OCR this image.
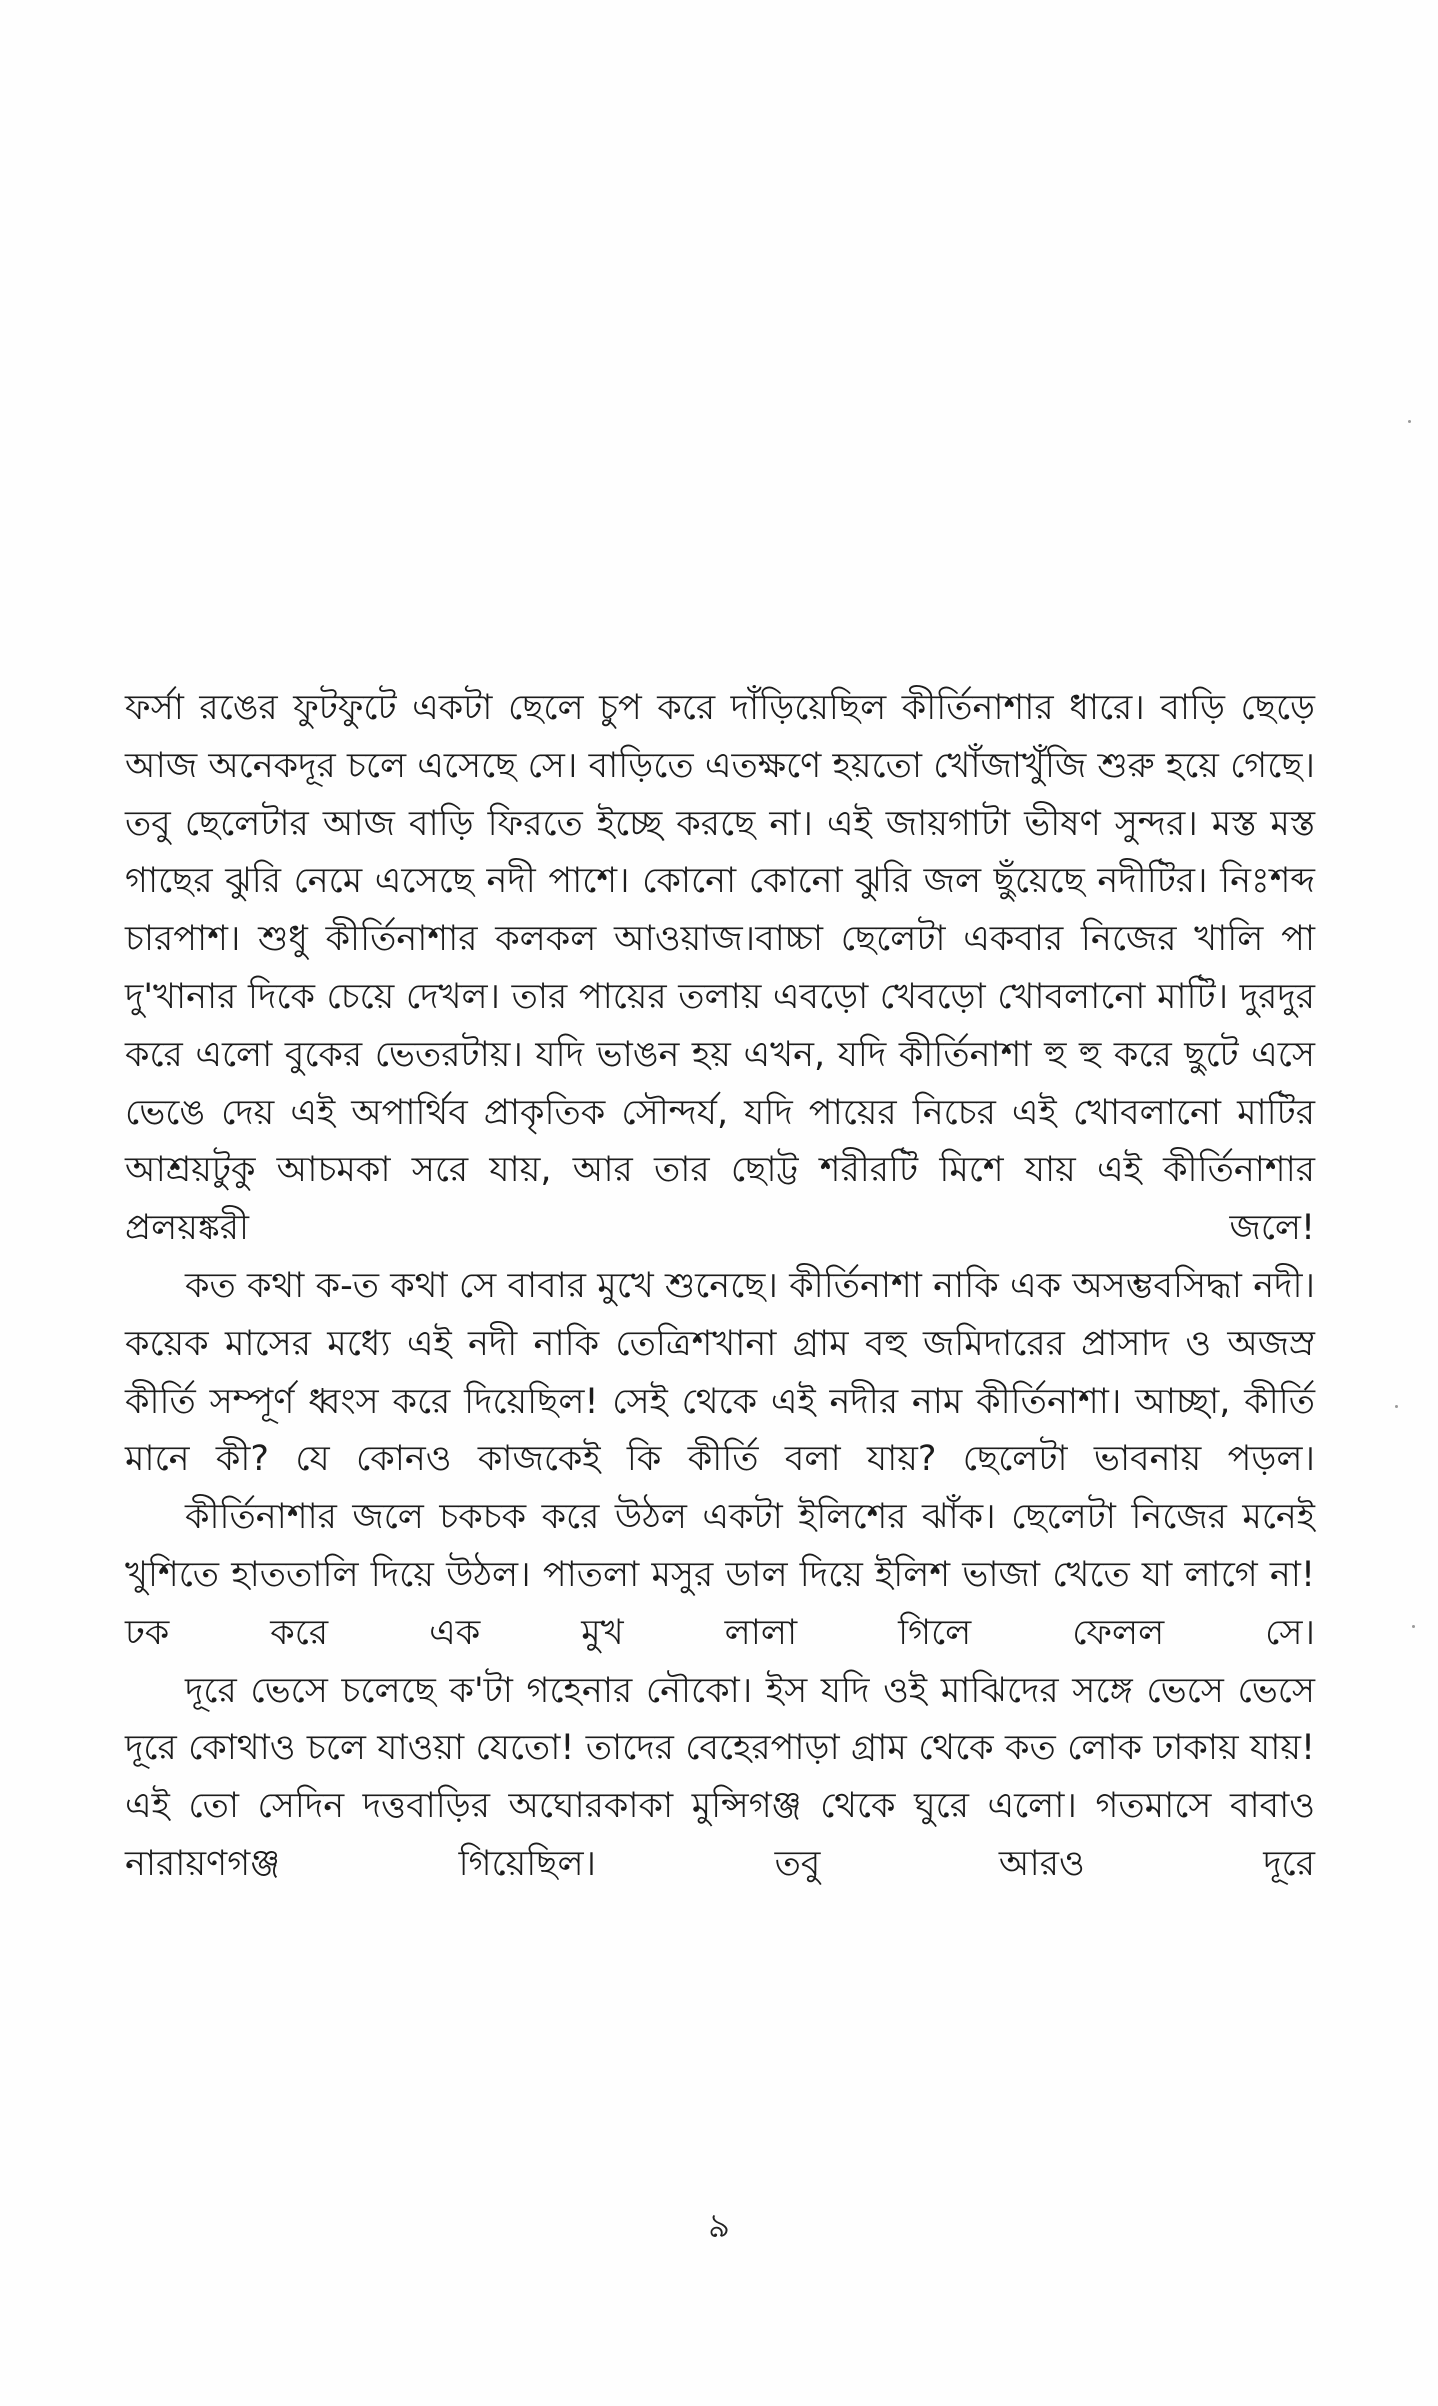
ফর্সা রঙের ফুটফুটে একটা ছেলে চুপ করে দাঁড়িয়েছিল কীর্তিনাশার ধারে। বাড়ি ছেড়ে আজ অনেকদূর চলে এসেছে সে। বাড়িতে এতক্ষণে হয়তো খোঁজাখুঁজি শুরু হয়ে গেছে। তবু ছেলেটার আজ বাড়ি ফিরতে ইচ্ছে করছে না। এই জায়গাটা ভীষণ সুন্দর। মস্ত মস্ত গাছের ঝুরি নেমে এসেছে নদী পাশে। কোনো কোনো ঝুরি জল ছুঁয়েছে নদীটির। নিঃশব্দ চারপাশ। শুধু কীর্তিনাশার কলকল আওয়াজ।বাচ্চা ছেলেটা একবার নিজের খালি পা দু'খানার দিকে চেয়ে দেখল। তার পায়ের তলায় এবড়ো খেবড়ো খোবলানো মাটি। দুরদুর করে এলো বুকের ভেতরটায়। যদি ভাঙন হয় এখন, যদি কীর্তিনাশা হু হু করে ছুটে এসে ভেঙে দেয় এই অপার্থিব প্রাকৃতিক সৌন্দর্য, যদি পায়ের নিচের এই খোবলানো মাটির আশ্রয়টুকু আচমকা সরে যায়, আর তার ছোট্ট শরীরটি মিশে যায় এই কীর্তিনাশার প্রলয়ঙ্করী জলে!

কত কথা ক-ত কথা সে বাবার মুখে শুনেছে। কীর্তিনাশা নাকি এক অসম্ভবসিদ্ধা নদী। কয়েক মাসের মধ্যে এই নদী নাকি তেত্রিশখানা গ্রাম বহু জমিদারের প্রাসাদ ও অজস্র কীর্তি সম্পূর্ণ ধ্বংস করে দিয়েছিল! সেই থেকে এই নদীর নাম কীর্তিনাশা। আচ্ছা, কীর্তি মানে কী? যে কোনও কাজকেই কি কীর্তি বলা যায়? ছেলেটা ভাবনায় পড়ল।

কীর্তিনাশার জলে চকচক করে উঠল একটা ইলিশের ঝাঁক। ছেলেটা নিজের মনেই খুশিতে হাততালি দিয়ে উঠল। পাতলা মসুর ডাল দিয়ে ইলিশ ভাজা খেতে যা লাগে না! ঢক করে এক মুখ লালা গিলে ফেলল সে।

দূরে ভেসে চলেছে ক'টা গহেনার নৌকো। ইস যদি ওই মাঝিদের সঙ্গে ভেসে ভেসে দূরে কোথাও চলে যাওয়া যেতো! তাদের বেহেরপাড়া গ্রাম থেকে কত লোক ঢাকায় যায়! এই তো সেদিন দত্তবাড়ির অঘোরকাকা মুন্সিগঞ্জ থেকে ঘুরে এলো। গতমাসে বাবাও নারায়ণগঞ্জ গিয়েছিল। তবু আরও দূরে

৯
